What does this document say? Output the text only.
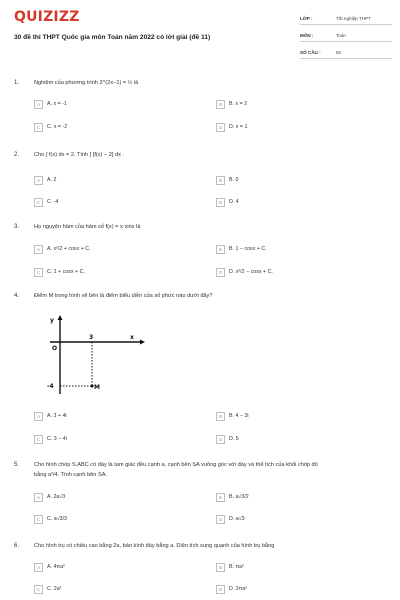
QUIZIZZ
30 đề thi THPT Quốc gia môn Toán năm 2022 có lời giải (đề 11)
LỚP :	Tốt nghiệp THPT
MÔN :	Toán
SỐ CÂU :	50
1.	Nghiệm của phương trình 2^(2x−1) = ½ là
A	A. x = -1	B	B. x = 2
C	C. x = -2	D	D. x = 1
2.	Cho ∫ f(x) dx = 2. Tính ∫ [f(x) − 2] dx .
A	A. 2	B	B. 0
C	C. -4	D	D. 4
3.	Họ nguyên hàm của hàm số f(x) = x·sinx là
A	A. x²/2 + cosx + C.	B	B. 1 − cosx + C.
C	C. 1 + cosx + C.	D	D. x²/2 − cosx + C.
4.	Điểm M trong hình vẽ bên là điểm biểu diễn của số phức nào dưới đây?
A	A. 3 + 4i	B	B. 4 − 3i
C	C. 3 − 4i	D	D. 5
y
x
O
3
-4	M
5.	Cho hình chóp S.ABC có đáy là tam giác đều cạnh a, cạnh bên SA vuông góc với đáy và thể tích của khối chóp đó
bằng a³/4. Tính cạnh bên SA.
A	A. 2a√3	B	B. a√3/2
C	C. a√3/3	D	D. a√3
6.	Cho hình trụ có chiều cao bằng 2a, bán kính đáy bằng a. Diện tích xung quanh của hình trụ bằng
A	A. 4πa²	B	B. πa²
C	C. 2a²	D	D. 2πa²
